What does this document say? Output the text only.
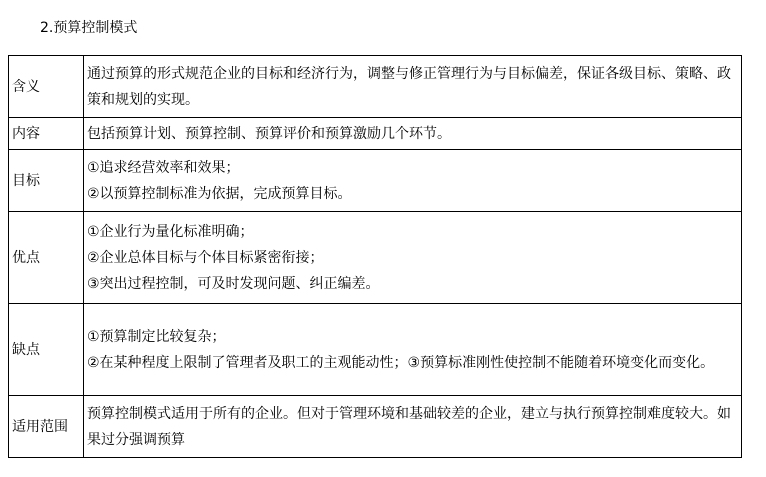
2.预算控制模式
含义	通过预算的形式规范企业的目标和经济行为，调整与修正管理行为与目标偏差，保证各级目标、策略、政策和规划的实现。

内容	包括预算计划、预算控制、预算评价和预算激励几个环节。

目标	①追求经营效率和效果；
②以预算控制标准为依据，完成预算目标。

优点	①企业行为量化标准明确；
②企业总体目标与个体目标紧密衔接；
③突出过程控制，可及时发现问题、纠正编差。

缺点	①预算制定比较复杂；
②在某种程度上限制了管理者及职工的主观能动性；③预算标准刚性使控制不能随着环境变化而变化。

适用范围	预算控制模式适用于所有的企业。但对于管理环境和基础较差的企业，建立与执行预算控制难度较大。如果过分强调预算
